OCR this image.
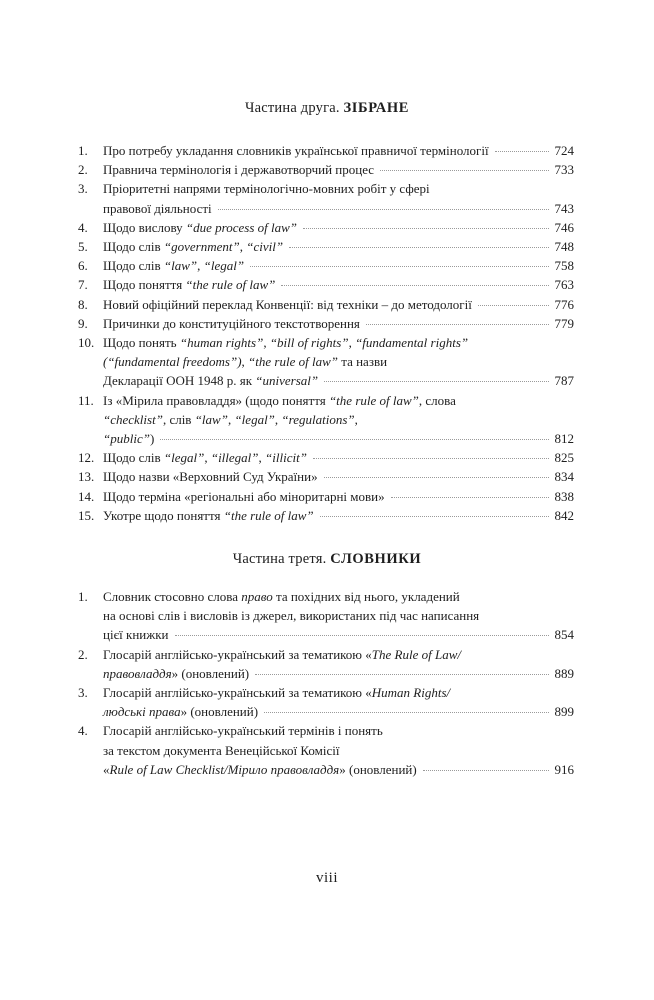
Частина друга. ЗІБРАНЕ
1.	Про потребу укладання словників української правничої термінології	724
2.	Правнича термінологія і державотворчий процес	733
3.	Пріоритетні напрями термінологічно-мовних робіт у сфері
правової діяльності	743
4.	Щодо вислову “due process of law”	746
5.	Щодо слів “government”, “civil”	748
6.	Щодо слів “law”, “legal”	758
7.	Щодо поняття “the rule of law”	763
8.	Новий офіційний переклад Конвенції: від техніки – до методології	776
9.	Причинки до конституційного текстотворення	779
10. Щодо понять “human rights”, “bill of rights”, “fundamental rights”
(“fundamental freedoms”), “the rule of law” та назви
Декларації ООН 1948 р. як “universal”	787
11. Із «Мірила правовладдя» (щодо поняття “the rule of law”, слова
“checklist”, слів “law”, “legal”, “regulations”,
“public”)	812
12. Щодо слів “legal”, “illegal”, “illicit”	825
13. Щодо назви «Верховний Суд України»	834
14. Щодо терміна «регіональні або міноритарні мови»	838
15. Укотре щодо поняття “the rule of law”	842
Частина третя. СЛОВНИКИ
1.	Словник стосовно слова право та похідних від нього, укладений
на основі слів і висловів із джерел, використаних під час написання
цієї книжки	854
2.	Глосарій англійсько-український за тематикою «The Rule of Law/
правовладдя» (оновлений)	889
3.	Глосарій англійсько-український за тематикою «Human Rights/
людські права» (оновлений)	899
4.	Глосарій англійсько-український термінів і понять
за текстом документа Венеційської Комісії
«Rule of Law Checklist/Мірило правовладдя» (оновлений)	916
viii
